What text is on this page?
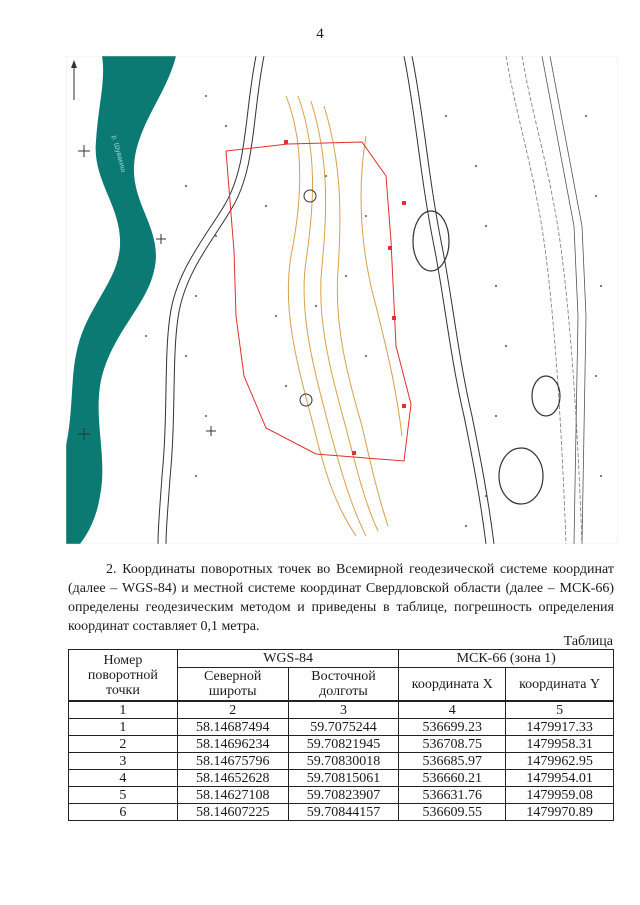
4
р. Шувакиш
2. Координаты поворотных точек во Всемирной геодезической системе координат (далее – WGS-84) и местной системе координат Свердловской области (далее – МСК-66) определены геодезическим методом и приведены в таблице, погрешность определения координат составляет 0,1 метра.
Таблица
Номер поворотной точки	WGS-84		МСК-66 (зона 1)	
	Северной широты	Восточной долготы	координата X	координата Y
1	2	3	4	5
1	58.14687494	59.7075244	536699.23	1479917.33
2	58.14696234	59.70821945	536708.75	1479958.31
3	58.14675796	59.70830018	536685.97	1479962.95
4	58.14652628	59.70815061	536660.21	1479954.01
5	58.14627108	59.70823907	536631.76	1479959.08
6	58.14607225	59.70844157	536609.55	1479970.89
